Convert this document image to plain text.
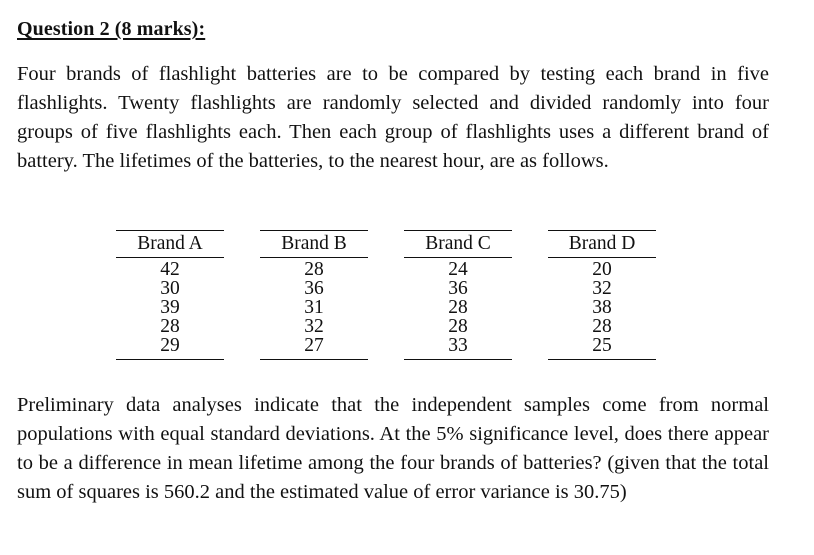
Question 2 (8 marks):
Four brands of flashlight batteries are to be compared by testing each brand in five flashlights. Twenty flashlights are randomly selected and divided randomly into four groups of five flashlights each. Then each group of flashlights uses a different brand of battery. The lifetimes of the batteries, to the nearest hour, are as follows.
Brand A		Brand B		Brand C		Brand D
42		28		24		20
30		36		36		32
39		31		28		38
28		32		28		28
29		27		33		25
Preliminary data analyses indicate that the independent samples come from normal populations with equal standard deviations. At the 5% significance level, does there appear to be a difference in mean lifetime among the four brands of batteries? (given that the total sum of squares is 560.2 and the estimated value of error variance is 30.75)
